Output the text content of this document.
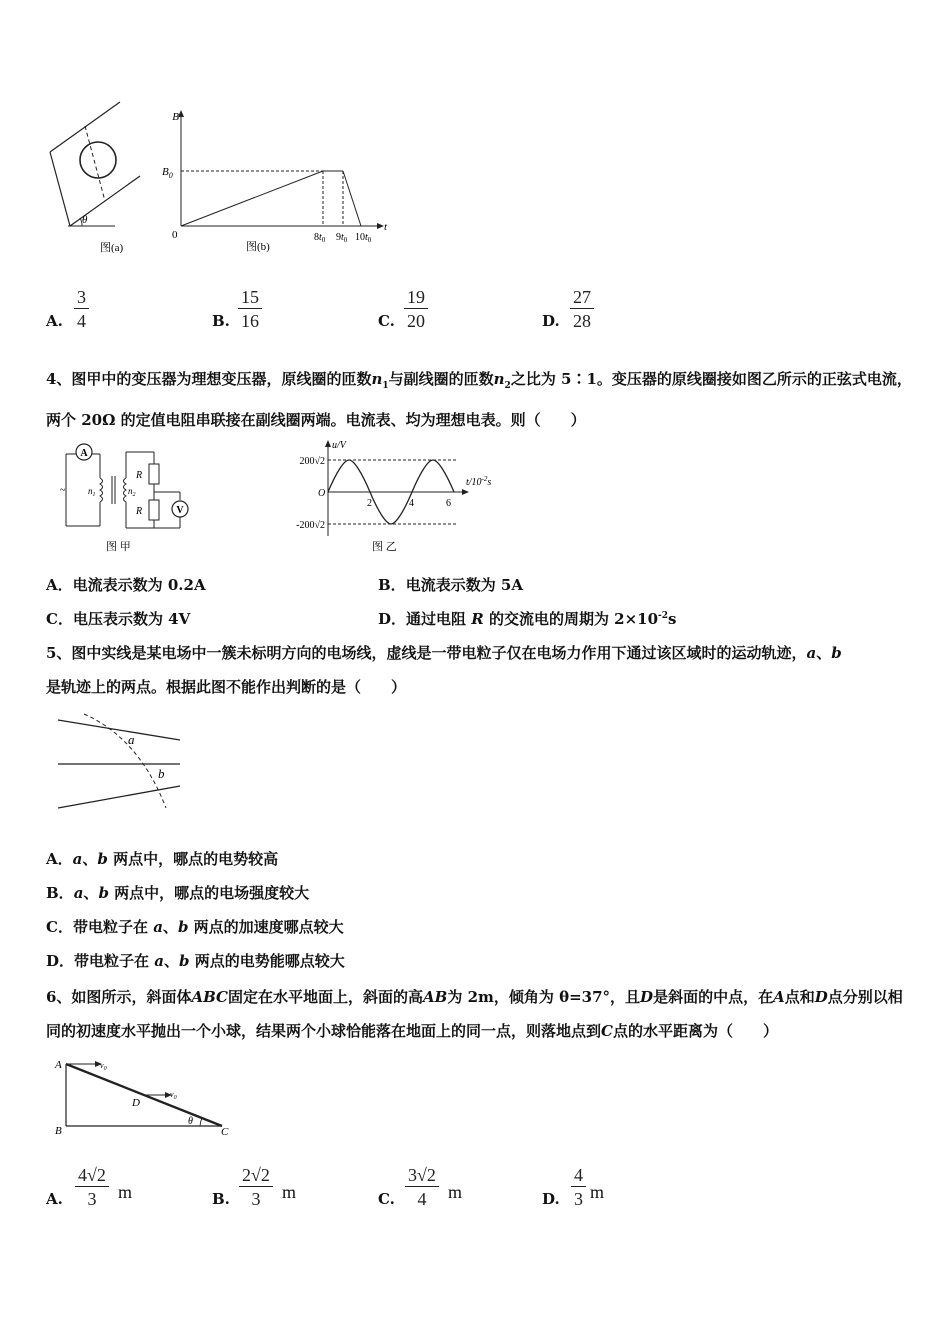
θ
图(a)
B
t
0
$B_0$
$8t_0$ $9t_0$ $10t_0$
图(b)
A. $\frac{3}{4}$	B. $\frac{15}{16}$	C. $\frac{19}{20}$	D. $\frac{27}{28}$
4、图甲中的变压器为理想变压器，原线圈的匝数$n_1$与副线圈的匝数$n_2$之比为 5∶1。变压器的原线圈接如图乙所示的正弦式电流，两个 20Ω 的定值电阻串联接在副线圈两端。电流表、均为理想电表。则（　　）
A
~	$n_1$	$n_2$
R
R	V
图 甲
u/V
$t/10^{-2}s$
O
200√2
-200√2
2	4	6
图 乙
A．电流表示数为 0.2A	B．电流表示数为 5A
C．电压表示数为 4V	D．通过电阻 R 的交流电的周期为 $2\times 10^{-2}s$
5、图中实线是某电场中一簇未标明方向的电场线，虚线是一带电粒子仅在电场力作用下通过该区域时的运动轨迹，a、b
是轨迹上的两点。根据此图不能作出判断的是（　　）
a
b
A．a、b 两点中，哪点的电势较高
B．a、b 两点中，哪点的电场强度较大
C．带电粒子在 a、b 两点的加速度哪点较大
D．带电粒子在 a、b 两点的电势能哪点较大
6、如图所示，斜面体ABC固定在水平地面上，斜面的高AB为 2m，倾角为 θ=37°，且D是斜面的中点，在A点和D点分别以相同的初速度水平抛出一个小球，结果两个小球恰能落在地面上的同一点，则落地点到C点的水平距离为（　　）
$v_0$
$v_0$
A
B	C
D
θ
A. $\frac{4√2}{3}$ m	B. $\frac{2√2}{3}$ m	C. $\frac{3√2}{4}$ m	D. $\frac{4}{3}$ m
